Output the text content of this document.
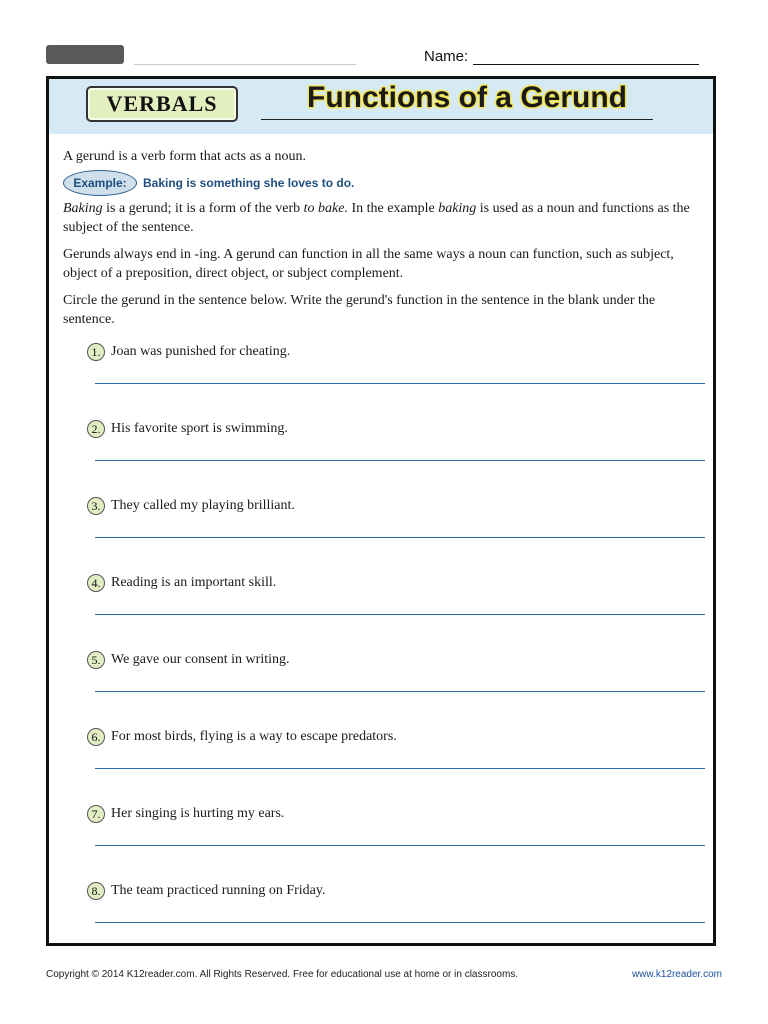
Name:
VERBALS	Functions of a Gerund

A gerund is a verb form that acts as a noun.

Example:	Baking is something she loves to do.

Baking is a gerund; it is a form of the verb to bake. In the example baking is used as a noun and functions as the subject of the sentence.

Gerunds always end in -ing. A gerund can function in all the same ways a noun can function, such as subject, object of a preposition, direct object, or subject complement.

Circle the gerund in the sentence below. Write the gerund's function in the sentence in the blank under the sentence.

1. Joan was punished for cheating.
2. His favorite sport is swimming.
3. They called my playing brilliant.
4. Reading is an important skill.
5. We gave our consent in writing.
6. For most birds, flying is a way to escape predators.
7. Her singing is hurting my ears.
8. The team practiced running on Friday.
Copyright © 2014 K12reader.com. All Rights Reserved. Free for educational use at home or in classrooms.	www.k12reader.com
